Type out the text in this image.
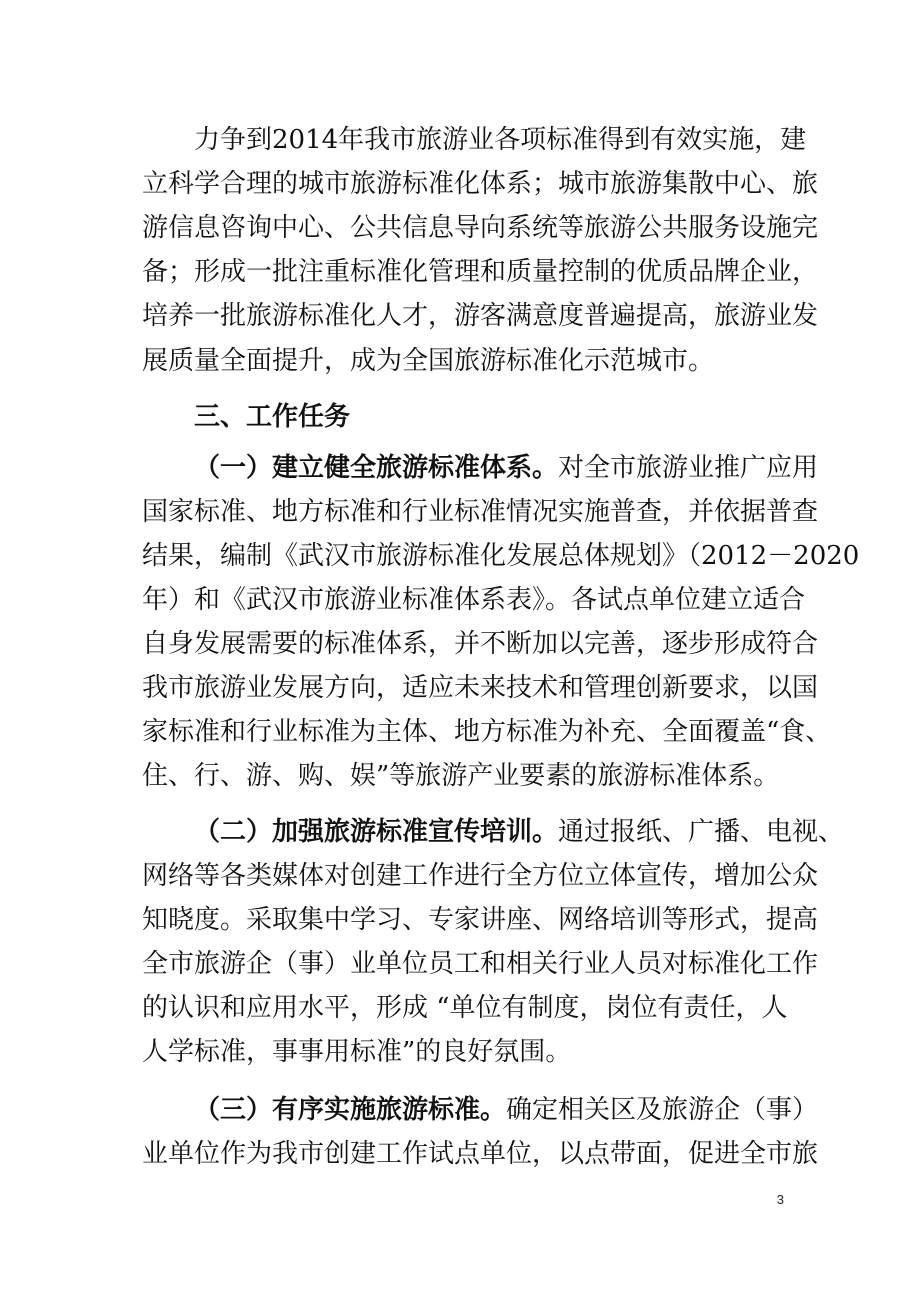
力争到2014年我市旅游业各项标准得到有效实施，建
立科学合理的城市旅游标准化体系；城市旅游集散中心、旅
游信息咨询中心、公共信息导向系统等旅游公共服务设施完
备；形成一批注重标准化管理和质量控制的优质品牌企业，
培养一批旅游标准化人才，游客满意度普遍提高，旅游业发
展质量全面提升，成为全国旅游标准化示范城市。
三、工作任务
（一）建立健全旅游标准体系。对全市旅游业推广应用
国家标准、地方标准和行业标准情况实施普查，并依据普查
结果，编制《武汉市旅游标准化发展总体规划》（2012－2020
年）和《武汉市旅游业标准体系表》。各试点单位建立适合
自身发展需要的标准体系，并不断加以完善，逐步形成符合
我市旅游业发展方向，适应未来技术和管理创新要求，以国
家标准和行业标准为主体、地方标准为补充、全面覆盖“食、
住、行、游、购、娱”等旅游产业要素的旅游标准体系。
（二）加强旅游标准宣传培训。通过报纸、广播、电视、
网络等各类媒体对创建工作进行全方位立体宣传，增加公众
知晓度。采取集中学习、专家讲座、网络培训等形式，提高
全市旅游企（事）业单位员工和相关行业人员对标准化工作
的认识和应用水平，形成 “单位有制度，岗位有责任，人
人学标准，事事用标准”的良好氛围。
（三）有序实施旅游标准。确定相关区及旅游企（事）
业单位作为我市创建工作试点单位，以点带面，促进全市旅
3
